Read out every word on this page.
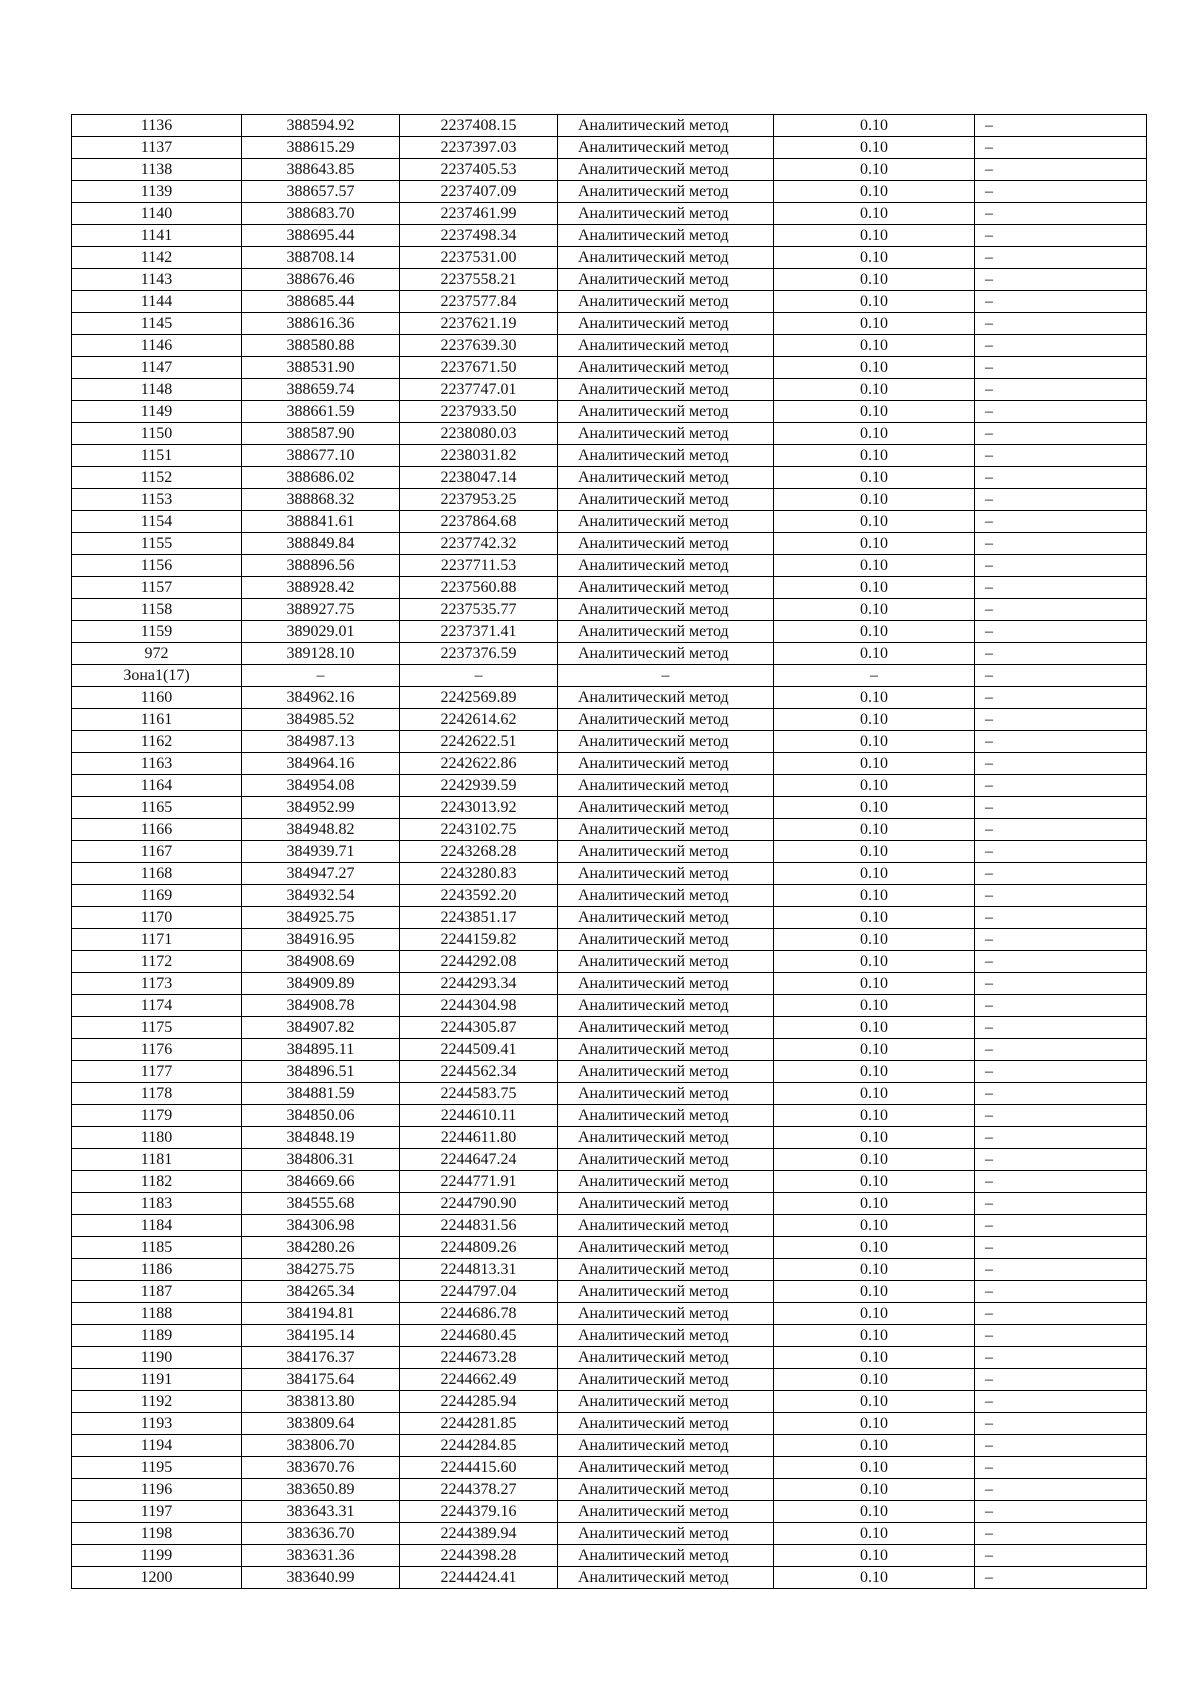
1136	388594.92	2237408.15	Аналитический метод	0.10	–
1137	388615.29	2237397.03	Аналитический метод	0.10	–
1138	388643.85	2237405.53	Аналитический метод	0.10	–
1139	388657.57	2237407.09	Аналитический метод	0.10	–
1140	388683.70	2237461.99	Аналитический метод	0.10	–
1141	388695.44	2237498.34	Аналитический метод	0.10	–
1142	388708.14	2237531.00	Аналитический метод	0.10	–
1143	388676.46	2237558.21	Аналитический метод	0.10	–
1144	388685.44	2237577.84	Аналитический метод	0.10	–
1145	388616.36	2237621.19	Аналитический метод	0.10	–
1146	388580.88	2237639.30	Аналитический метод	0.10	–
1147	388531.90	2237671.50	Аналитический метод	0.10	–
1148	388659.74	2237747.01	Аналитический метод	0.10	–
1149	388661.59	2237933.50	Аналитический метод	0.10	–
1150	388587.90	2238080.03	Аналитический метод	0.10	–
1151	388677.10	2238031.82	Аналитический метод	0.10	–
1152	388686.02	2238047.14	Аналитический метод	0.10	–
1153	388868.32	2237953.25	Аналитический метод	0.10	–
1154	388841.61	2237864.68	Аналитический метод	0.10	–
1155	388849.84	2237742.32	Аналитический метод	0.10	–
1156	388896.56	2237711.53	Аналитический метод	0.10	–
1157	388928.42	2237560.88	Аналитический метод	0.10	–
1158	388927.75	2237535.77	Аналитический метод	0.10	–
1159	389029.01	2237371.41	Аналитический метод	0.10	–
972	389128.10	2237376.59	Аналитический метод	0.10	–
Зона1(17)	–	–	–	–	–
1160	384962.16	2242569.89	Аналитический метод	0.10	–
1161	384985.52	2242614.62	Аналитический метод	0.10	–
1162	384987.13	2242622.51	Аналитический метод	0.10	–
1163	384964.16	2242622.86	Аналитический метод	0.10	–
1164	384954.08	2242939.59	Аналитический метод	0.10	–
1165	384952.99	2243013.92	Аналитический метод	0.10	–
1166	384948.82	2243102.75	Аналитический метод	0.10	–
1167	384939.71	2243268.28	Аналитический метод	0.10	–
1168	384947.27	2243280.83	Аналитический метод	0.10	–
1169	384932.54	2243592.20	Аналитический метод	0.10	–
1170	384925.75	2243851.17	Аналитический метод	0.10	–
1171	384916.95	2244159.82	Аналитический метод	0.10	–
1172	384908.69	2244292.08	Аналитический метод	0.10	–
1173	384909.89	2244293.34	Аналитический метод	0.10	–
1174	384908.78	2244304.98	Аналитический метод	0.10	–
1175	384907.82	2244305.87	Аналитический метод	0.10	–
1176	384895.11	2244509.41	Аналитический метод	0.10	–
1177	384896.51	2244562.34	Аналитический метод	0.10	–
1178	384881.59	2244583.75	Аналитический метод	0.10	–
1179	384850.06	2244610.11	Аналитический метод	0.10	–
1180	384848.19	2244611.80	Аналитический метод	0.10	–
1181	384806.31	2244647.24	Аналитический метод	0.10	–
1182	384669.66	2244771.91	Аналитический метод	0.10	–
1183	384555.68	2244790.90	Аналитический метод	0.10	–
1184	384306.98	2244831.56	Аналитический метод	0.10	–
1185	384280.26	2244809.26	Аналитический метод	0.10	–
1186	384275.75	2244813.31	Аналитический метод	0.10	–
1187	384265.34	2244797.04	Аналитический метод	0.10	–
1188	384194.81	2244686.78	Аналитический метод	0.10	–
1189	384195.14	2244680.45	Аналитический метод	0.10	–
1190	384176.37	2244673.28	Аналитический метод	0.10	–
1191	384175.64	2244662.49	Аналитический метод	0.10	–
1192	383813.80	2244285.94	Аналитический метод	0.10	–
1193	383809.64	2244281.85	Аналитический метод	0.10	–
1194	383806.70	2244284.85	Аналитический метод	0.10	–
1195	383670.76	2244415.60	Аналитический метод	0.10	–
1196	383650.89	2244378.27	Аналитический метод	0.10	–
1197	383643.31	2244379.16	Аналитический метод	0.10	–
1198	383636.70	2244389.94	Аналитический метод	0.10	–
1199	383631.36	2244398.28	Аналитический метод	0.10	–
1200	383640.99	2244424.41	Аналитический метод	0.10	–
